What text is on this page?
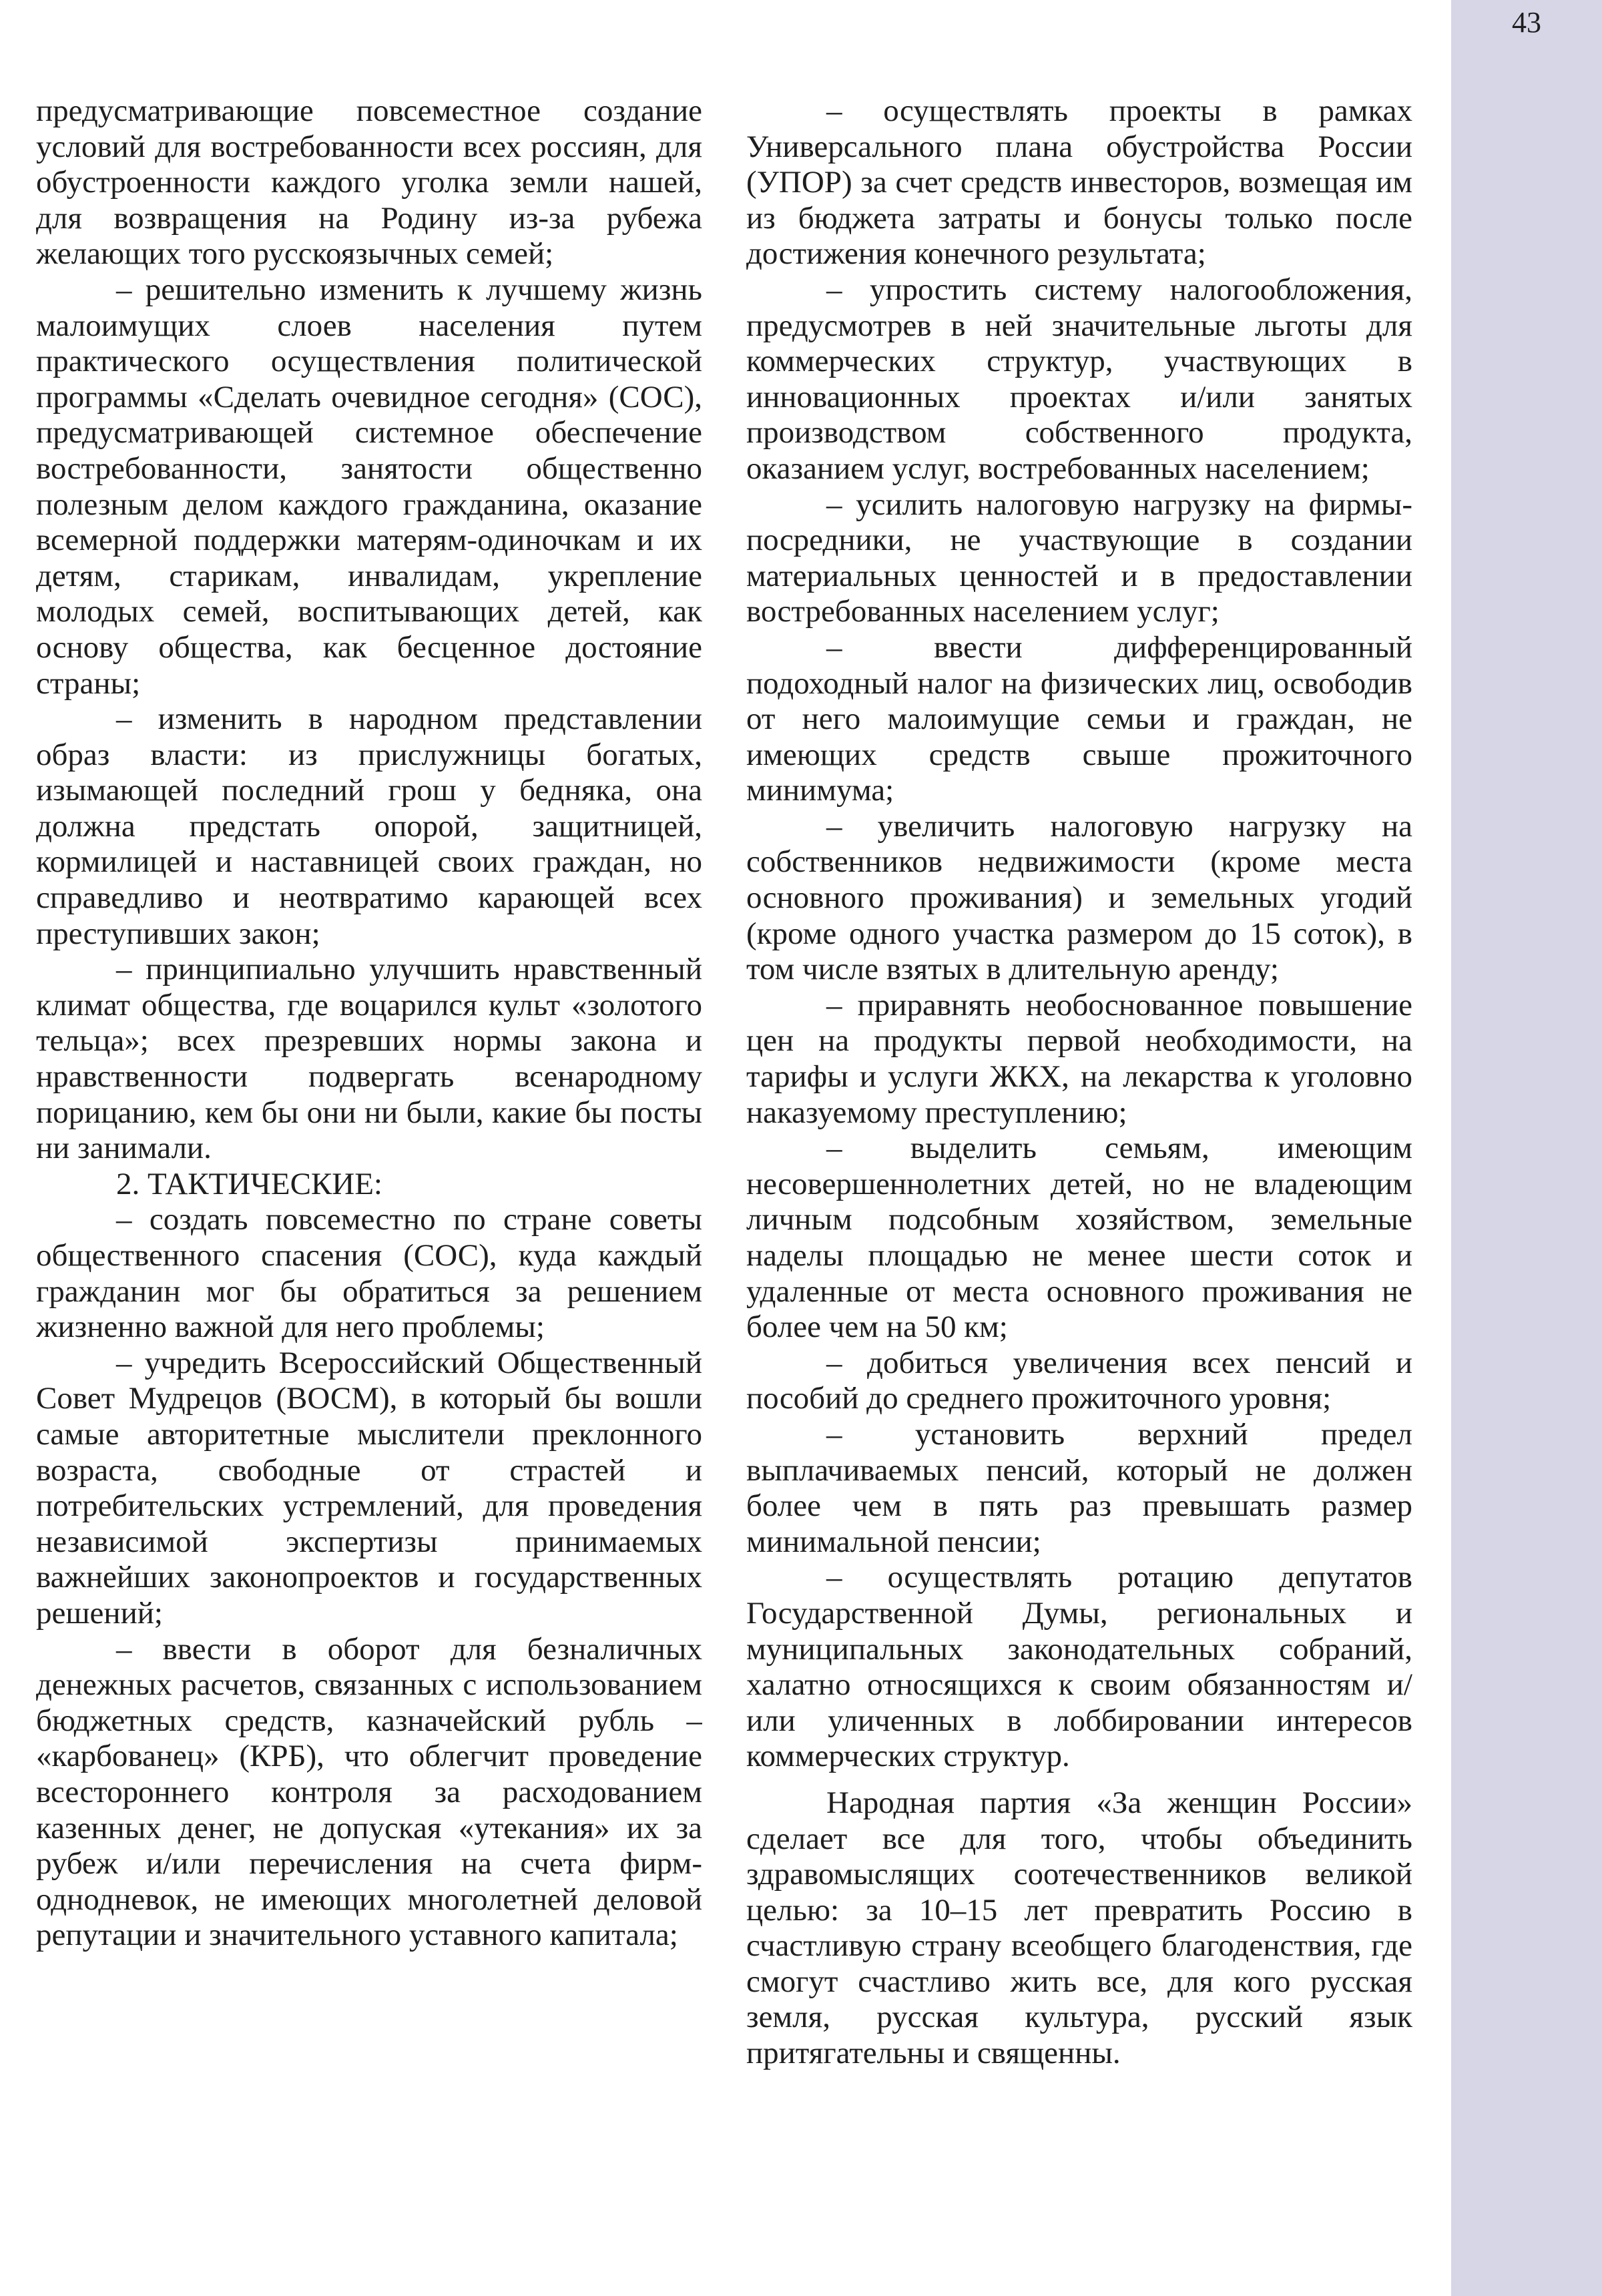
43

предусматривающие повсеместное создание условий для востребованности всех россиян, для обустроенности каждого уголка земли нашей, для возвращения на Родину из-за рубежа желающих того русскоязычных семей;

– решительно изменить к лучшему жизнь малоимущих слоев населения путем практического осуществления политической программы «Сделать очевидное сегодня» (СОС), предусматривающей системное обеспечение востребованности, занятости общественно полезным делом каждого гражданина, оказание всемерной поддержки матерям-одиночкам и их детям, старикам, инвалидам, укрепление молодых семей, воспитывающих детей, как основу общества, как бесценное достояние страны;

– изменить в народном представлении образ власти: из прислужницы богатых, изымающей последний грош у бедняка, она должна предстать опорой, защитницей, кормилицей и наставницей своих граждан, но справедливо и неотвратимо карающей всех преступивших закон;

– принципиально улучшить нравственный климат общества, где воцарился культ «золотого тельца»; всех презревших нормы закона и нравственности подвергать всенародному порицанию, кем бы они ни были, какие бы посты ни занимали.

2. ТАКТИЧЕСКИЕ:

– создать повсеместно по стране советы общественного спасения (СОС), куда каждый гражданин мог бы обратиться за решением жизненно важной для него проблемы;

– учредить Всероссийский Общественный Совет Мудрецов (ВОСМ), в который бы вошли самые авторитетные мыслители преклонного возраста, свободные от страстей и потребительских устремлений, для проведения независимой экспертизы принимаемых важнейших законопроектов и государственных решений;

– ввести в оборот для безналичных денежных расчетов, связанных с использованием бюджетных средств, казначейский рубль – «карбованец» (КРБ), что облегчит проведение всестороннего контроля за расходованием казенных денег, не допуская «утекания» их за рубеж и/или перечисления на счета фирм-однодневок, не имеющих многолетней деловой репутации и значительного уставного капитала;

– осуществлять проекты в рамках Универсального плана обустройства России (УПОР) за счет средств инвесторов, возмещая им из бюджета затраты и бонусы только после достижения конечного результата;

– упростить систему налогообложения, предусмотрев в ней значительные льготы для коммерческих структур, участвующих в инновационных проектах и/или занятых производством собственного продукта, оказанием услуг, востребованных населением;

– усилить налоговую нагрузку на фирмы-посредники, не участвующие в создании материальных ценностей и в предоставлении востребованных населением услуг;

– ввести дифференцированный подоходный налог на физических лиц, освободив от него малоимущие семьи и граждан, не имеющих средств свыше прожиточного минимума;

– увеличить налоговую нагрузку на собственников недвижимости (кроме места основного проживания) и земельных угодий (кроме одного участка размером до 15 соток), в том числе взятых в длительную аренду;

– приравнять необоснованное повышение цен на продукты первой необходимости, на тарифы и услуги ЖКХ, на лекарства к уголовно наказуемому преступлению;

– выделить семьям, имеющим несовершеннолетних детей, но не владеющим личным подсобным хозяйством, земельные наделы площадью не менее шести соток и удаленные от места основного проживания не более чем на 50 км;

– добиться увеличения всех пенсий и пособий до среднего прожиточного уровня;

– установить верхний предел выплачиваемых пенсий, который не должен более чем в пять раз превышать размер минимальной пенсии;

– осуществлять ротацию депутатов Государственной Думы, региональных и муниципальных законодательных собраний, халатно относящихся к своим обязанностям и/или уличенных в лоббировании интересов коммерческих структур.

Народная партия «За женщин России» сделает все для того, чтобы объединить здравомыслящих соотечественников великой целью: за 10–15 лет превратить Россию в счастливую страну всеобщего благоденствия, где смогут счастливо жить все, для кого русская земля, русская культура, русский язык притягательны и священны.
